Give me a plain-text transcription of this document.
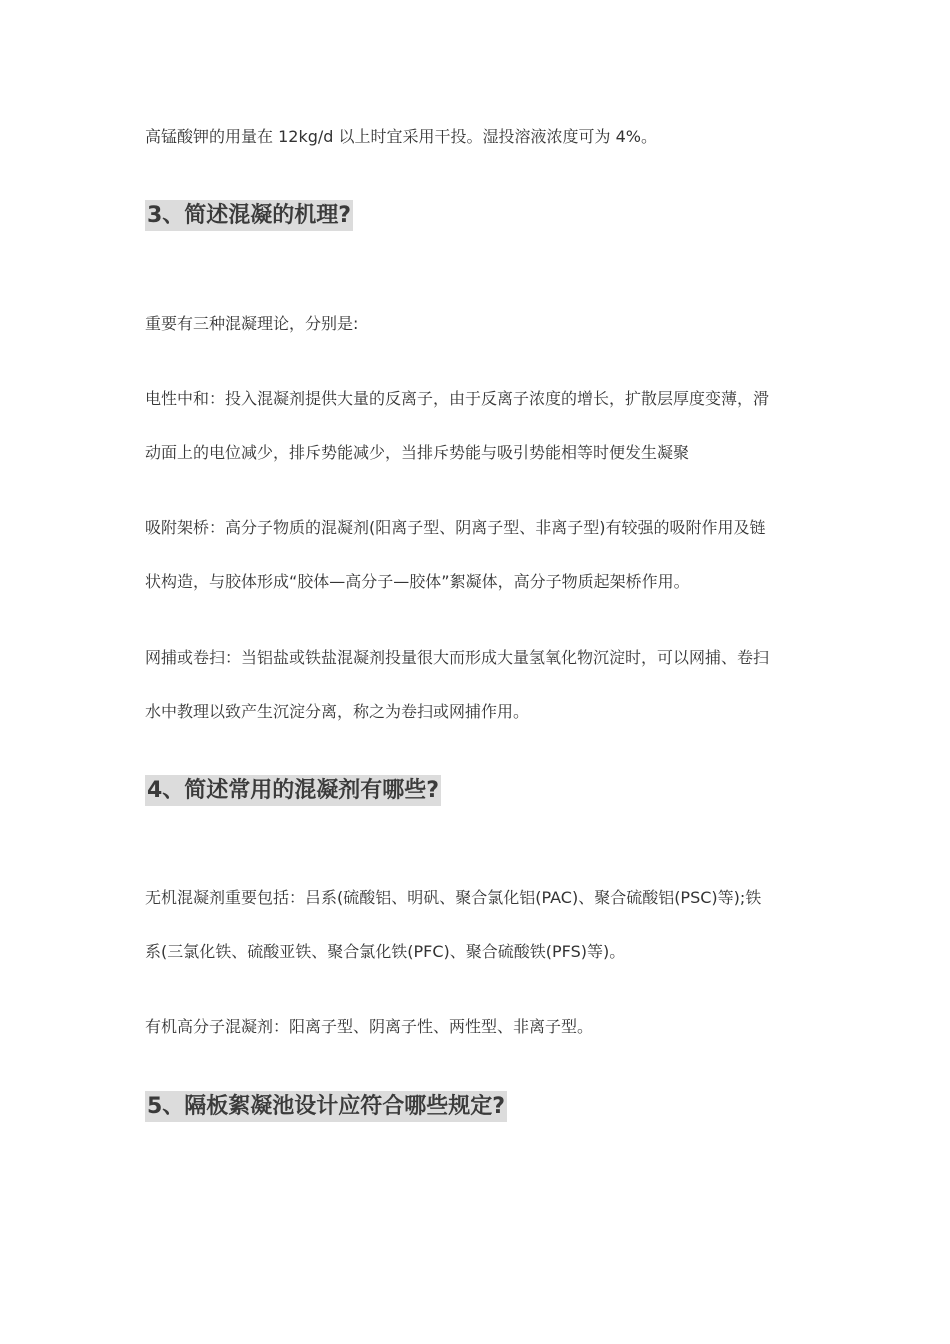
高锰酸钾的用量在 12kg/d 以上时宜采用干投。湿投溶液浓度可为 4%。
3、简述混凝的机理?
重要有三种混凝理论，分别是:
电性中和：投入混凝剂提供大量的反离子，由于反离子浓度的增长，扩散层厚度变薄，滑
动面上的电位减少，排斥势能减少，当排斥势能与吸引势能相等时便发生凝聚
吸附架桥：高分子物质的混凝剂(阳离子型、阴离子型、非离子型)有较强的吸附作用及链
状构造，与胶体形成“胶体—高分子—胶体”絮凝体，高分子物质起架桥作用。
网捕或卷扫：当铝盐或铁盐混凝剂投量很大而形成大量氢氧化物沉淀时，可以网捕、卷扫
水中教理以致产生沉淀分离，称之为卷扫或网捕作用。
4、简述常用的混凝剂有哪些?
无机混凝剂重要包括：吕系(硫酸铝、明矾、聚合氯化铝(PAC)、聚合硫酸铝(PSC)等);铁
系(三氯化铁、硫酸亚铁、聚合氯化铁(PFC)、聚合硫酸铁(PFS)等)。
有机高分子混凝剂：阳离子型、阴离子性、两性型、非离子型。
5、隔板絮凝池设计应符合哪些规定?
